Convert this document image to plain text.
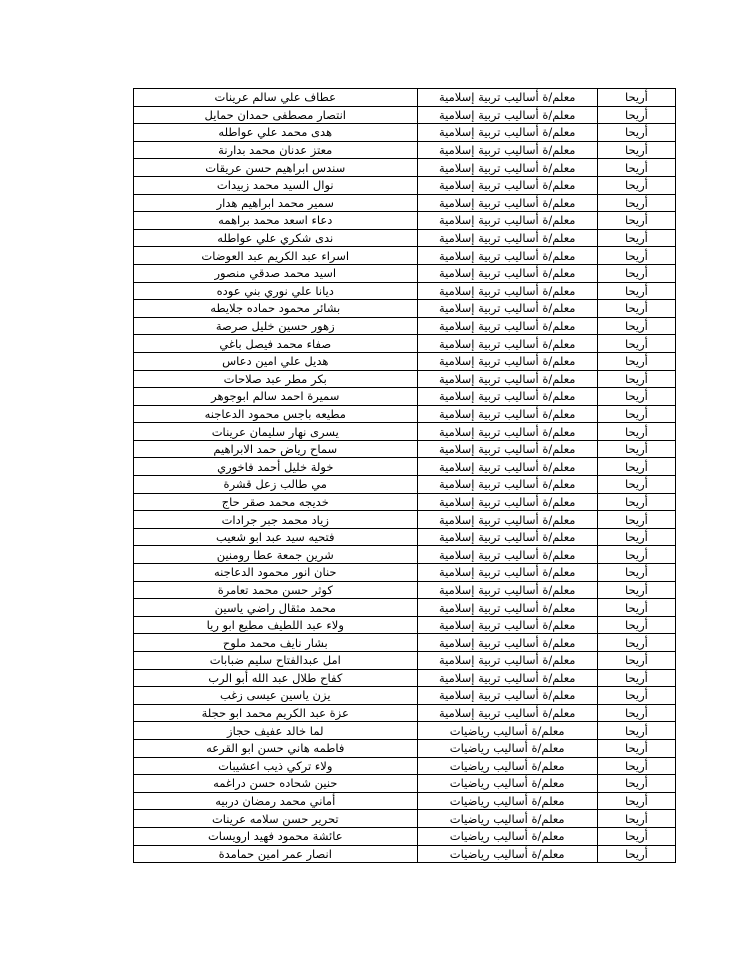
أريحا	معلم/ة أساليب تربية إسلامية	عطاف علي سالم عرينات
أريحا	معلم/ة أساليب تربية إسلامية	انتصار مصطفى حمدان حمايل
أريحا	معلم/ة أساليب تربية إسلامية	هدى محمد علي عواطله
أريحا	معلم/ة أساليب تربية إسلامية	معتز عدنان محمد بدارنة
أريحا	معلم/ة أساليب تربية إسلامية	سندس ابراهيم حسن عريقات
أريحا	معلم/ة أساليب تربية إسلامية	نوال السيد محمد زبيدات
أريحا	معلم/ة أساليب تربية إسلامية	سمير محمد ابراهيم هدار
أريحا	معلم/ة أساليب تربية إسلامية	دعاء اسعد محمد براهمه
أريحا	معلم/ة أساليب تربية إسلامية	ندى شكري علي عواطله
أريحا	معلم/ة أساليب تربية إسلامية	اسراء عبد الكريم عبد العوضات
أريحا	معلم/ة أساليب تربية إسلامية	اسيد محمد صدقي منصور
أريحا	معلم/ة أساليب تربية إسلامية	ديانا علي نوري بني عوده
أريحا	معلم/ة أساليب تربية إسلامية	بشائر محمود حماده جلايطه
أريحا	معلم/ة أساليب تربية إسلامية	زهور حسين خليل صرصة
أريحا	معلم/ة أساليب تربية إسلامية	صفاء محمد فيصل باغي
أريحا	معلم/ة أساليب تربية إسلامية	هديل علي امين دعاس
أريحا	معلم/ة أساليب تربية إسلامية	بكر مطر عبد صلاحات
أريحا	معلم/ة أساليب تربية إسلامية	سميرة احمد سالم ابوجوهر
أريحا	معلم/ة أساليب تربية إسلامية	مطيعه باجس محمود الدعاجنه
أريحا	معلم/ة أساليب تربية إسلامية	يسرى نهار سليمان عرينات
أريحا	معلم/ة أساليب تربية إسلامية	سماح رياض حمد الابراهيم
أريحا	معلم/ة أساليب تربية إسلامية	خولة خليل أحمد فاخوري
أريحا	معلم/ة أساليب تربية إسلامية	مي طالب زعل قشرة
أريحا	معلم/ة أساليب تربية إسلامية	خديجه محمد صقر حاج
أريحا	معلم/ة أساليب تربية إسلامية	زياد محمد جبر جرادات
أريحا	معلم/ة أساليب تربية إسلامية	فتحيه سيد عبد ابو شعيب
أريحا	معلم/ة أساليب تربية إسلامية	شرين جمعة عطا رومنين
أريحا	معلم/ة أساليب تربية إسلامية	حنان انور محمود الدعاجنه
أريحا	معلم/ة أساليب تربية إسلامية	كوثر حسن محمد تعامرة
أريحا	معلم/ة أساليب تربية إسلامية	محمد مثقال راضي ياسين
أريحا	معلم/ة أساليب تربية إسلامية	ولاء عبد اللطيف مطيع ابو ريا
أريحا	معلم/ة أساليب تربية إسلامية	بشار نايف محمد ملوح
أريحا	معلم/ة أساليب تربية إسلامية	امل عبدالفتاح سليم ضبابات
أريحا	معلم/ة أساليب تربية إسلامية	كفاح طلال عبد الله أبو الرب
أريحا	معلم/ة أساليب تربية إسلامية	يزن ياسين عيسى زغب
أريحا	معلم/ة أساليب تربية إسلامية	عزة عبد الكريم محمد ابو حجلة
أريحا	معلم/ة أساليب رياضيات	لما خالد عفيف حجاز
أريحا	معلم/ة أساليب رياضيات	فاطمه هاني حسن ابو القرعه
أريحا	معلم/ة أساليب رياضيات	ولاء تركي ذيب اعشيبات
أريحا	معلم/ة أساليب رياضيات	حنين شحاده حسن دراغمه
أريحا	معلم/ة أساليب رياضيات	أماني محمد رمضان دربيه
أريحا	معلم/ة أساليب رياضيات	تحرير حسن سلامه عرينات
أريحا	معلم/ة أساليب رياضيات	عائشة محمود فهيد ارويسات
أريحا	معلم/ة أساليب رياضيات	انصار عمر امين حمامدة
